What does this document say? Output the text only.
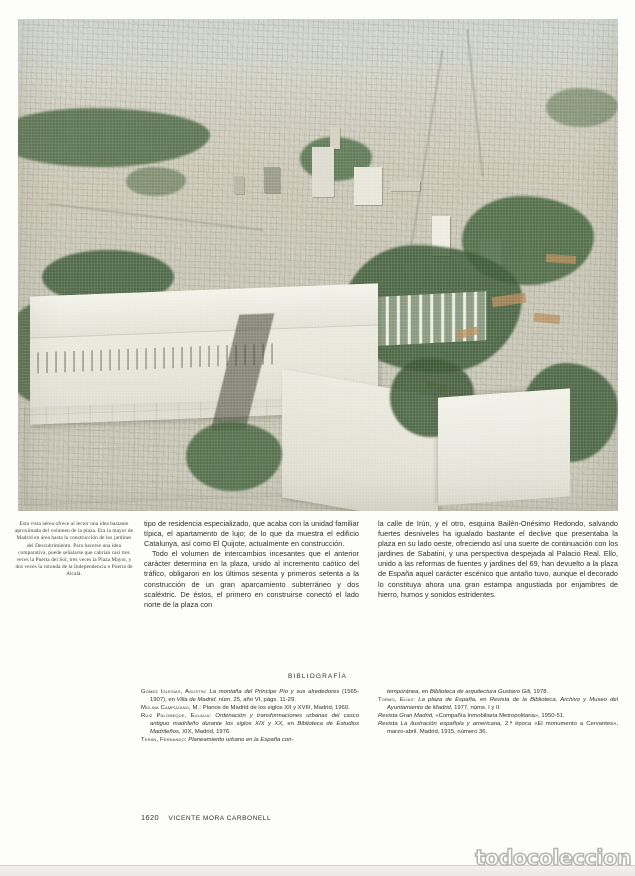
Esta vista aérea ofrece al lector una idea bastante aproximada del volumen de la plaza. Era la mayor de Madrid en área hasta la construcción de los jardines del Descubrimiento. Para hacerse una idea comparativa, puede señalarse que cabrían casi tres veces la Puerta del Sol, tres veces la Plaza Mayor, y dos veces la rotonda de la Independencia o Puerta de Alcalá.

tipo de residencia especializado, que acaba con la unidad familiar típica, el apartamento de lujo; de lo que da muestra el edificio Catalunya, así como El Quijote, actualmente en construcción.

Todo el volumen de intercambios incesantes que el anterior carácter determina en la plaza, unido al incremento caótico del tráfico, obligaron en los últimos sesenta y primeros setenta a la construcción de un gran aparcamiento subterráneo y dos scaléxtric. De éstos, el primero en construirse conectó el lado norte de la plaza con

la calle de Irún, y el otro, esquina Bailén-Onésimo Redondo, salvando fuertes desniveles ha igualado bastante el declive que presentaba la plaza en su lado oeste, ofreciendo así una suerte de continuación con los jardines de Sabatini, y una perspectiva despejada al Palacio Real. Ello, unido a las reformas de fuentes y jardines del 69, han devuelto a la plaza de España aquel carácter escénico que antaño tuvo, aunque el decorado lo constituya ahora una gran estampa angustiada por enjambres de hierro, humos y sonidos estridentes.

BIBLIOGRAFÍA

Gómez Iglesias, Agustín: La montaña del Príncipe Pío y sus alrededores (1565-1907), en Villa de Madrid, núm. 25, año VI, págs. 11-29.

Molina Campuzano, M.: Planos de Madrid de los siglos XII y XVIII, Madrid, 1960.

Ruiz Palomeque, Eulalia: Ordenación y transformaciones urbanas del casco antiguo madrileño durante los siglos XIX y XX, en Biblioteca de Estudios Madrileños, XIX, Madrid, 1976.

Terán, Fernando: Planeamiento urbano en la España con-

temporánea, en Biblioteca de arquitectura Gustavo Gili, 1978.

Tormo, Elías: La plaza de España, en Revista de la Biblioteca, Archivo y Museo del Ayuntamiento de Madrid, 1977, núms. I y II.

Revista Gran Madrid, «Compañía Inmobiliaria Metropolitana», 1950-51.

Revista La ilustración española y americana, 2.ª época «El monumento a Cervantes», marzo-abril. Madrid, 1915, número 36.

1620 VICENTE MORA CARBONELL
todocoleccion
